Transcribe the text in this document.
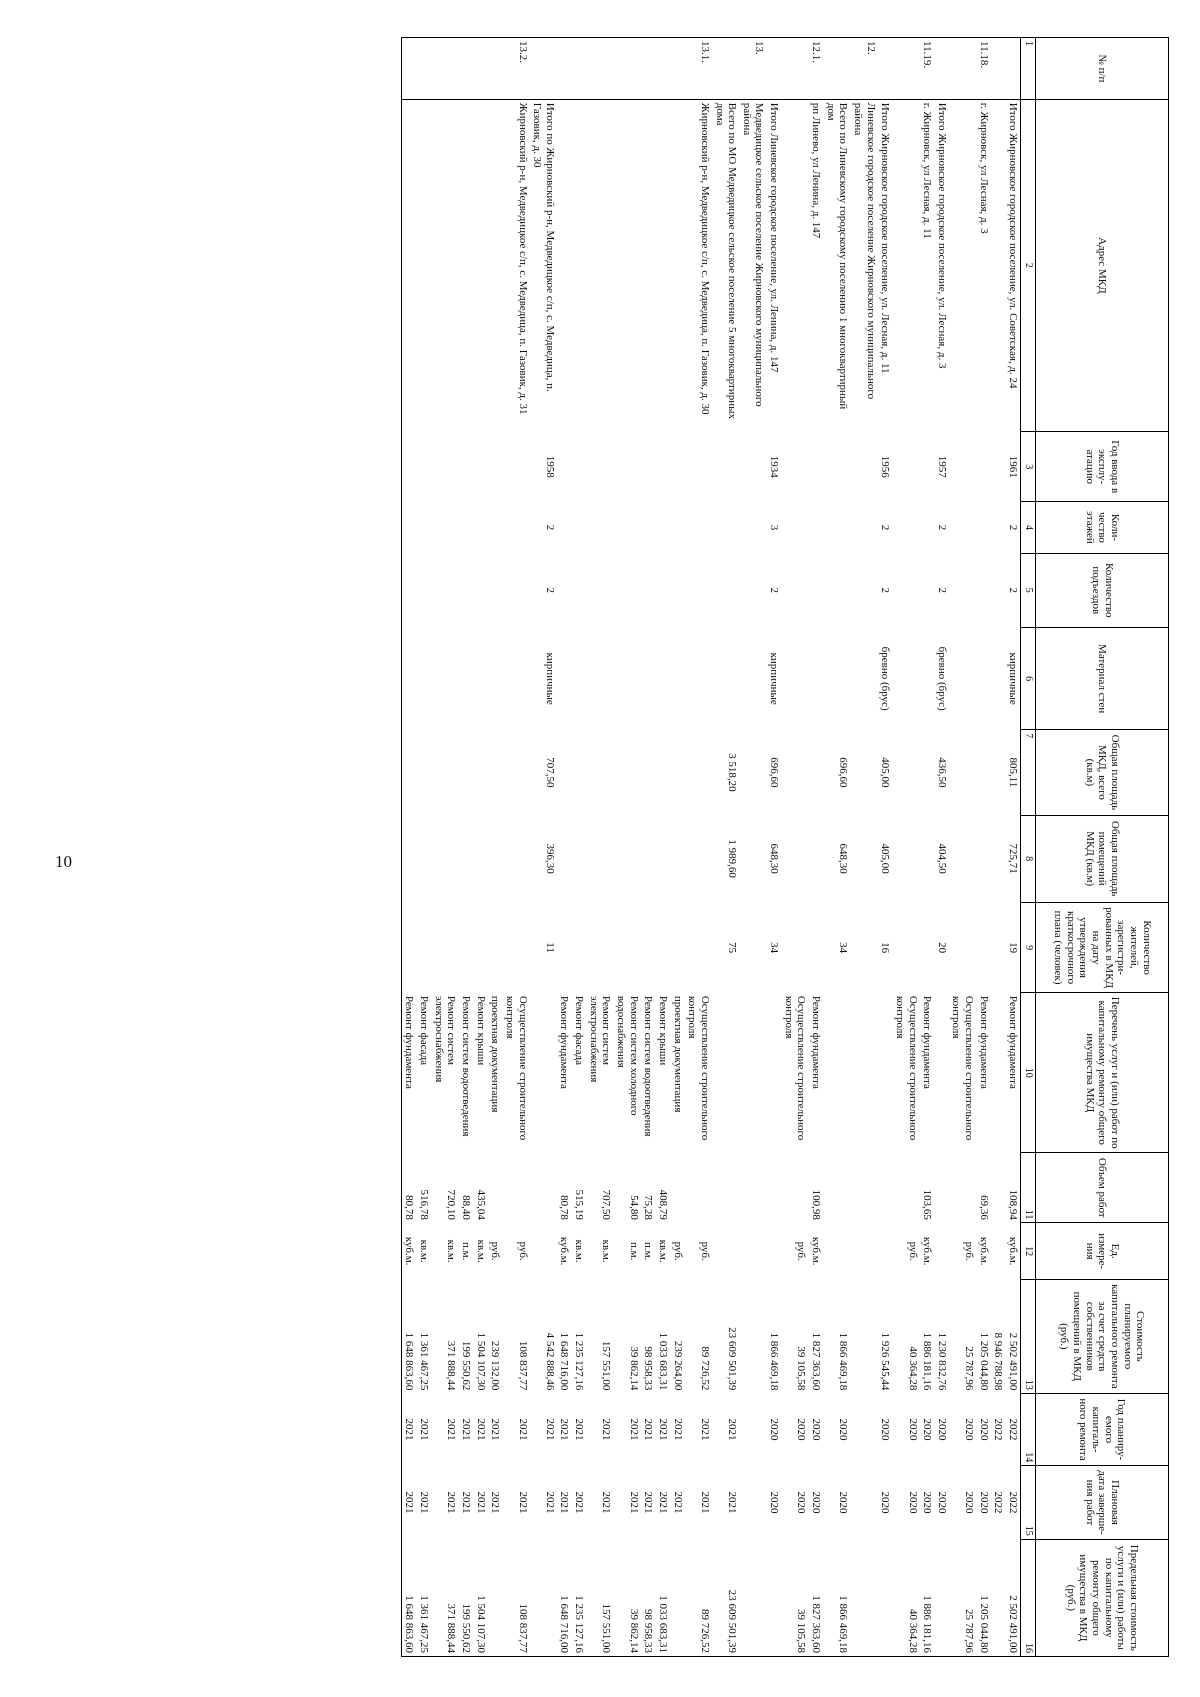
10
№ п/п	Адрес МКД	Год ввода в эксплу-атацию	Коли-чество этажей	Количество подъездов	Материал стен	Общая площадь МКД, всего (кв.м)	Общая площадь помещений МКД (кв.м)	Количество жителей, зарегистри-рованных в МКД на дату утверждения краткосрочного плана (человек)	Перечень услуг и (или) работ по капитальному ремонту общего имущества МКД	Объем работ	Ед. измере-ния	Стоимость планируемого капитального ремонта за счет средств собственников помещений в МКД (руб.)	Год планиру-емого капиталь-ного ремонта	Плановая дата заверше-ния работ	Предельная стоимость услуги и (или) работы по капитальному ремонту общего имущества в МКД (руб.)
1	2	3	4	5	6	7	8	9	10	11	12	13	14	15	16
	Итого Жирновское городское поселение, ул. Советская, д. 24	1961	2	2	кирпичные	805,11	725,71	19	Ремонт фундамента	108,94	куб.м.	2 502 491,00	2022	2022	2 502 491,00
												8 946 788,98	2022	2022	
11.18.	г. Жирновск, ул Лесная, д. 3								Ремонт фундамента	69,36	куб.м.	1 205 044,80	2020	2020	1 205 044,80
									Осуществление строительного контроля		руб.	25 787,96	2020	2020	25 787,96
	Итого Жирновское городское поселение, ул. Лесная, д. 3	1957	2	2	бревно (брус)	436,50	404,50	20				1 230 832,76	2020	2020	
11.19.	г. Жирновск, ул Лесная, д. 11								Ремонт фундамента	103,65	куб.м.	1 886 181,16	2020	2020	1 886 181,16
									Осуществление строительного контроля		руб.	40 364,28	2020	2020	40 364,28
	Итого Жирновское городское поселение, ул. Лесная, д. 11	1956	2	2	бревно (брус)	405,00	405,00	16				1 926 545,44	2020	2020	
12.	Линевское городское поселение Жирновского муниципального района														
	Всего по Линевскому городскому поселению 1 многоквартирный дом					696,60	648,30	34				1 866 469,18	2020	2020	1 866 469,18
12.1.	рп Линево, ул Ленина, д. 147								Ремонт фундамента	100,98	куб.м.	1 827 363,60	2020	2020	1 827 363,60
									Осуществление строительного контроля		руб.	39 105,58	2020	2020	39 105,58
	Итого Линевское городское поселение, ул. Ленина, д. 147	1934	3	2	кирпичные	696,60	648,30	34				1 866 469,18	2020	2020	
13.	Медведицкое сельское поселение Жирновского муниципального района														
	Всего по МО Медведицкое сельское поселение 5 многоквартирных дома					3 518,20	1 989,60	75				23 609 501,39	2021	2021	23 609 501,39
13.1.	Жирновский р-н, Медведицкое с/п, с. Медведица, п. Газовик, д. 30								Осуществление строительного контроля		руб.	89 726,52	2021	2021	89 726,52
									проектная документация		руб.	239 264,00	2021	2021	
									Ремонт крыши	408,79	кв.м.	1 033 683,31	2021	2021	1 033 683,31
									Ремонт систем водоотведения	75,28	п.м.	98 958,33	2021	2021	98 958,33
									Ремонт систем холодного водоснабжения	54,80	п.м.	39 862,14	2021	2021	39 862,14
									Ремонт систем электроснабжения	707,50	кв.м.	157 551,00	2021	2021	157 551,00
									Ремонт фасада	515,19	кв.м.	1 235 127,16	2021	2021	1 235 127,16
									Ремонт фундамента	80,78	куб.м.	1 648 716,00	2021	2021	1 648 716,00
	Итого по Жирновский р-н, Медведицкое с/п, с. Медведица, п. Газовик, д. 30	1958	2	2	кирпичные	707,50	396,30	11				4 542 888,46	2021	2021	
13.2.	Жирновский р-н, Медведицкое с/п, с. Медведица, п. Газовик, д. 31								Осуществление строительного контроля		руб.	108 837,77	2021	2021	108 837,77
									проектная документация		руб.	239 132,00	2021	2021	
									Ремонт крыши	435,04	кв.м.	1 504 107,30	2021	2021	1 504 107,30
									Ремонт систем водоотведения	88,40	п.м.	199 550,62	2021	2021	199 550,62
									Ремонт систем электроснабжения	720,10	кв.м.	371 888,44	2021	2021	371 888,44
									Ремонт фасада	516,78	кв.м.	1 361 467,25	2021	2021	1 361 467,25
									Ремонт фундамента	80,78	куб.м.	1 648 863,60	2021	2021	1 648 863,60
